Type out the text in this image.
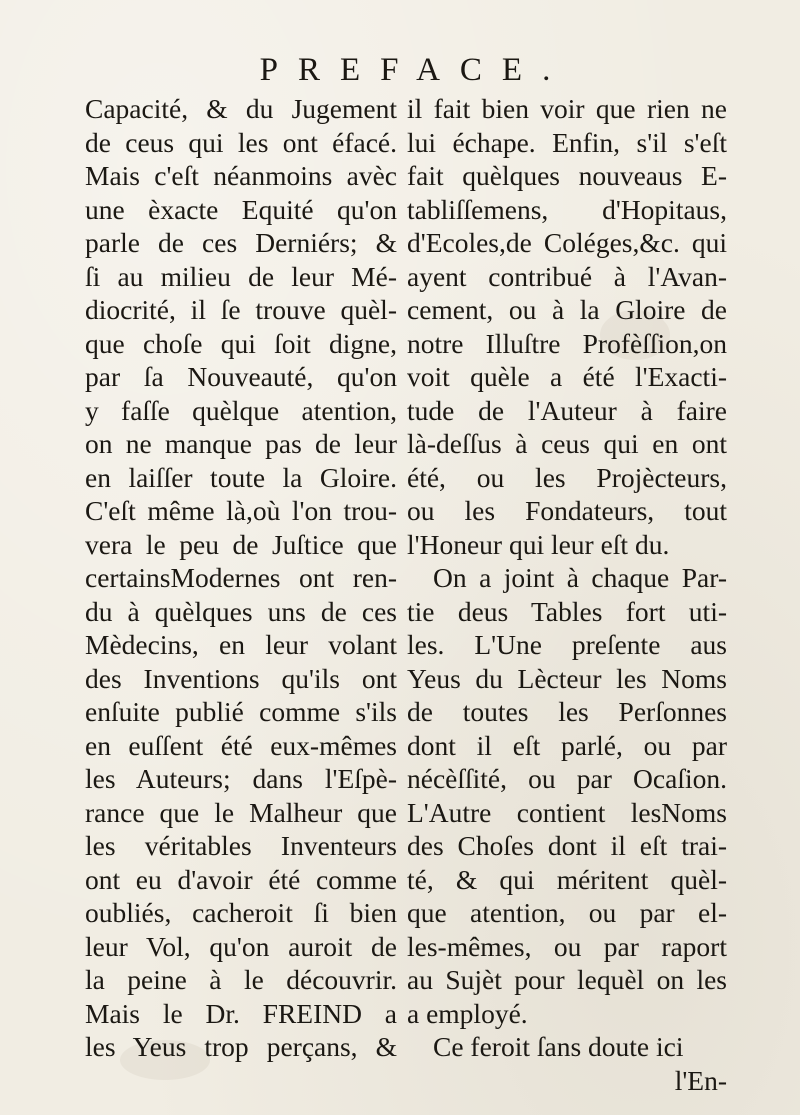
PREFACE.
Capacité, & du Jugement
de ceus qui les ont éfacé.
Mais c'eſt néanmoins avèc
une èxacte Equité qu'on
parle de ces Derniérs; &
ſi au milieu de leur Mé-
diocrité, il ſe trouve quèl-
que choſe qui ſoit digne,
par ſa Nouveauté, qu'on
y faſſe quèlque atention,
on ne manque pas de leur
en laiſſer toute la Gloire.
C'eſt même là,où l'on trou-
vera le peu de Juſtice que
certainsModernes ont ren-
du à quèlques uns de ces
Mèdecins, en leur volant
des Inventions qu'ils ont
enſuite publié comme s'ils
en euſſent été eux-mêmes
les Auteurs; dans l'Eſpè-
rance que le Malheur que
les véritables Inventeurs
ont eu d'avoir été comme
oubliés, cacheroit ſi bien
leur Vol, qu'on auroit de
la peine à le découvrir.
Mais le Dr. FREIND a
les Yeus trop perçans, &
il fait bien voir que rien ne
lui échape. Enfin, s'il s'eſt
fait quèlques nouveaus E-
tabliſſemens, d'Hopitaus,
d'Ecoles,de Coléges,&c. qui
ayent contribué à l'Avan-
cement, ou à la Gloire de
notre Illuſtre Profèſſion,on
voit quèle a été l'Exacti-
tude de l'Auteur à faire
là-deſſus à ceus qui en ont
été, ou les Projècteurs,
ou les Fondateurs, tout
l'Honeur qui leur eſt du.
On a joint à chaque Par-
tie deus Tables fort uti-
les. L'Une preſente aus
Yeus du Lècteur les Noms
de toutes les Perſonnes
dont il eſt parlé, ou par
nécèſſité, ou par Ocaſion.
L'Autre contient lesNoms
des Choſes dont il eſt trai-
té, & qui méritent quèl-
que atention, ou par el-
les-mêmes, ou par raport
au Sujèt pour lequèl on les
a employé.
Ce feroit ſans doute ici
l'En-
